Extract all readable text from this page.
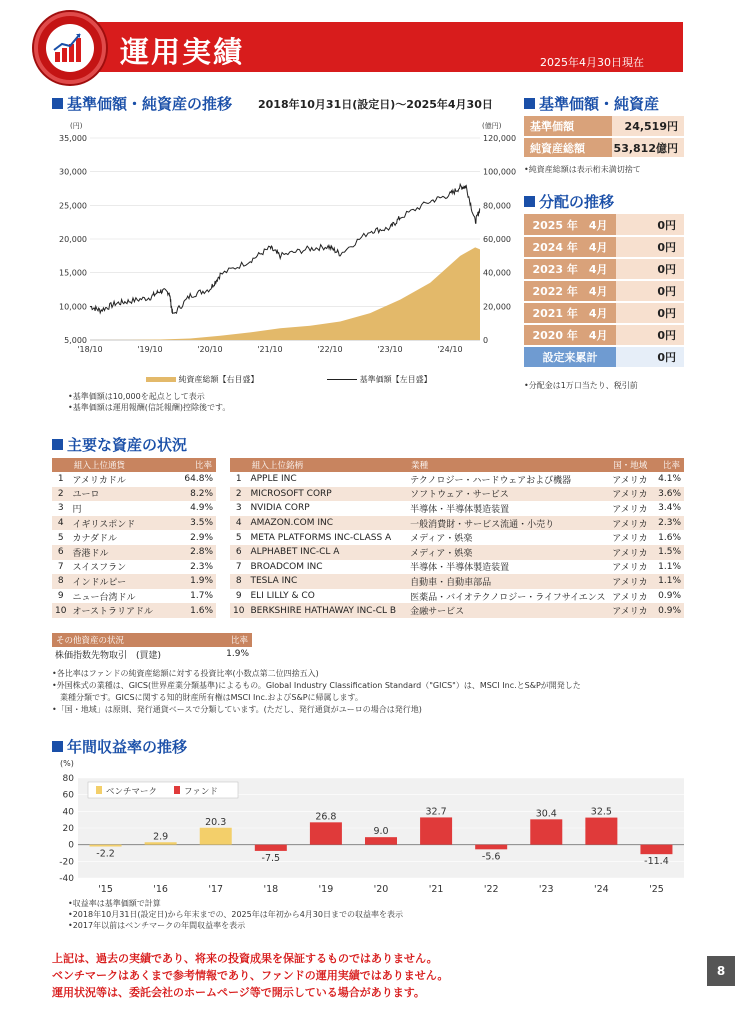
運用実績	2025年4月30日現在
基準価額・純資産の推移 2018年10月31日(設定日)～2025年4月30日
(円)	(億円)
35,000
30,000
25,000
20,000
15,000
10,000
5,000
120,000
100,000
80,000
60,000
40,000
20,000
0
'18/10	'19/10	'20/10	'21/10	'22/10	'23/10	'24/10
純資産総額【右目盛】	基準価額【左目盛】
•基準価額は10,000を起点として表示
•基準価額は運用報酬(信託報酬)控除後です。
基準価額・純資産
基準価額	24,519円
純資産総額	53,812億円
•純資産総額は表示桁未満切捨て
分配の推移
2025 年　4月	0円
2024 年　4月	0円
2023 年　4月	0円
2022 年　4月	0円
2021 年　4月	0円
2020 年　4月	0円
設定来累計	0円
•分配金は1万口当たり、税引前
主要な資産の状況
組入上位通貨		比率
1	アメリカドル	64.8%
2	ユーロ	8.2%
3	円	4.9%
4	イギリスポンド	3.5%
5	カナダドル	2.9%
6	香港ドル	2.8%
7	スイスフラン	2.3%
8	インドルピー	1.9%
9	ニュー台湾ドル	1.7%
10	オーストラリアドル	1.6%
組入上位銘柄		業種	国・地域	比率
1	APPLE INC	テクノロジー・ハードウェアおよび機器	アメリカ	4.1%
2	MICROSOFT CORP	ソフトウェア・サービス	アメリカ	3.6%
3	NVIDIA CORP	半導体・半導体製造装置	アメリカ	3.4%
4	AMAZON.COM INC	一般消費財・サービス流通・小売り	アメリカ	2.3%
5	META PLATFORMS INC-CLASS A	メディア・娯楽	アメリカ	1.6%
6	ALPHABET INC-CL A	メディア・娯楽	アメリカ	1.5%
7	BROADCOM INC	半導体・半導体製造装置	アメリカ	1.1%
8	TESLA INC	自動車・自動車部品	アメリカ	1.1%
9	ELI LILLY & CO	医薬品・バイオテクノロジー・ライフサイエンス	アメリカ	0.9%
10	BERKSHIRE HATHAWAY INC-CL B	金融サービス	アメリカ	0.9%
その他資産の状況	比率
株価指数先物取引　(買建)	1.9%
•各比率はファンドの純資産総額に対する投資比率(小数点第二位四捨五入)
•外国株式の業種は、GICS(世界産業分類基準)によるもの。Global Industry Classification Standard（"GICS"）は、MSCI Inc.とS&Pが開発した
　業種分類です。GICSに関する知的財産所有権はMSCI Inc.およびS&Pに帰属します。
•「国・地域」は原則、発行通貨ベースで分類しています。(ただし、発行通貨がユーロの場合は発行地)
年間収益率の推移
(%)
80
60
40
20
0
-20
-40
-2.2
2.9
20.3
-7.5
26.8
9.0
32.7
-5.6
30.4	32.5
-11.4
'15	'16	'17	'18	'19	'20	'21	'22	'23	'24	'25
ベンチマーク	ファンド
•収益率は基準価額で計算
•2018年10月31日(設定日)から年末までの、2025年は年初から4月30日までの収益率を表示
•2017年以前はベンチマークの年間収益率を表示
上記は、過去の実績であり、将来の投資成果を保証するものではありません。
ベンチマークはあくまで参考情報であり、ファンドの運用実績ではありません。
運用状況等は、委託会社のホームページ等で開示している場合があります。
8
